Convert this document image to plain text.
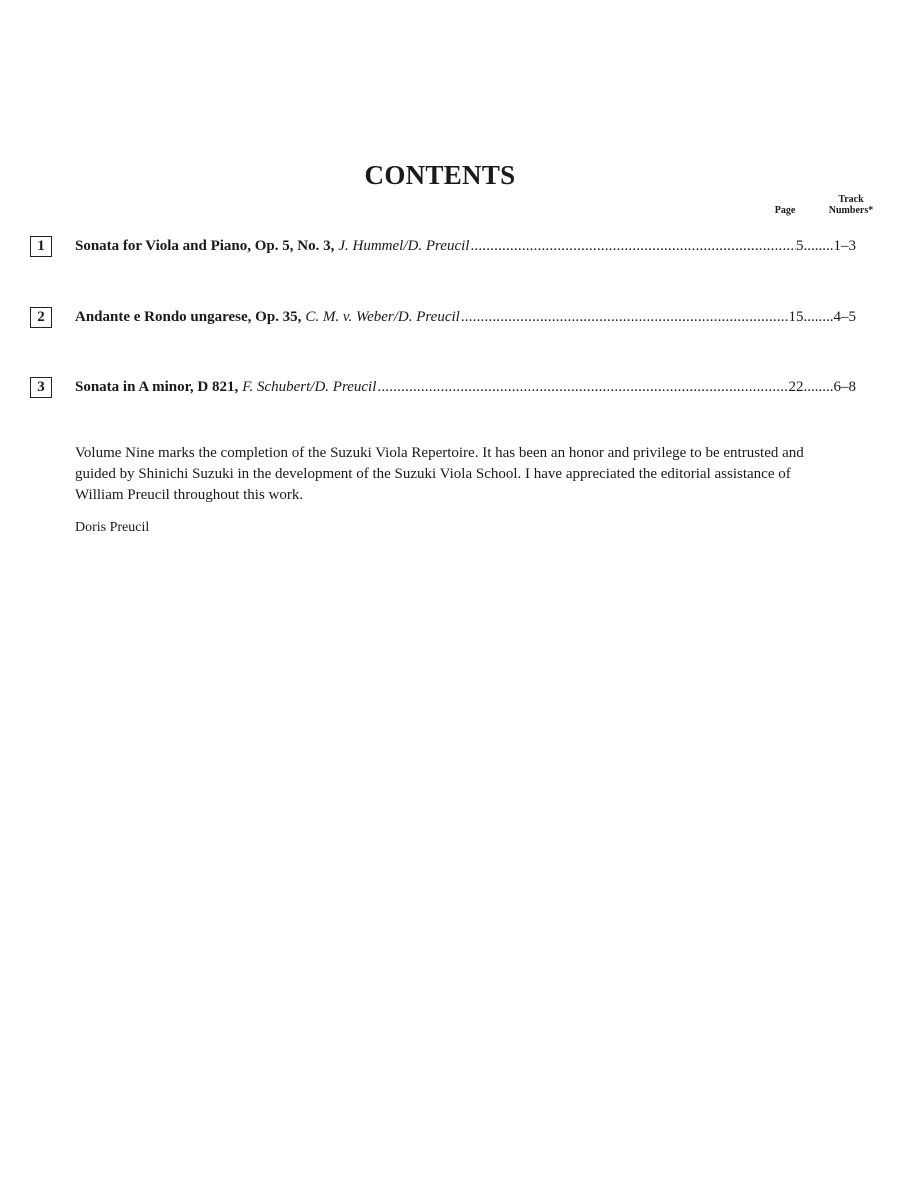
CONTENTS
Page
Track
Numbers*
1	Sonata for Viola and Piano, Op. 5, No. 3, J. Hummel/D. Preucil .....	5 ........ 1–3
2	Andante e Rondo ungarese, Op. 35, C. M. v. Weber/D. Preucil .....	15 ........ 4–5
3	Sonata in A minor, D 821, F. Schubert/D. Preucil .....	22 ........ 6–8

Volume Nine marks the completion of the Suzuki Viola Repertoire. It has been an honor and privilege to be entrusted and guided by Shinichi Suzuki in the development of the Suzuki Viola School. I have appreciated the editorial assistance of William Preucil throughout this work.

Doris Preucil
